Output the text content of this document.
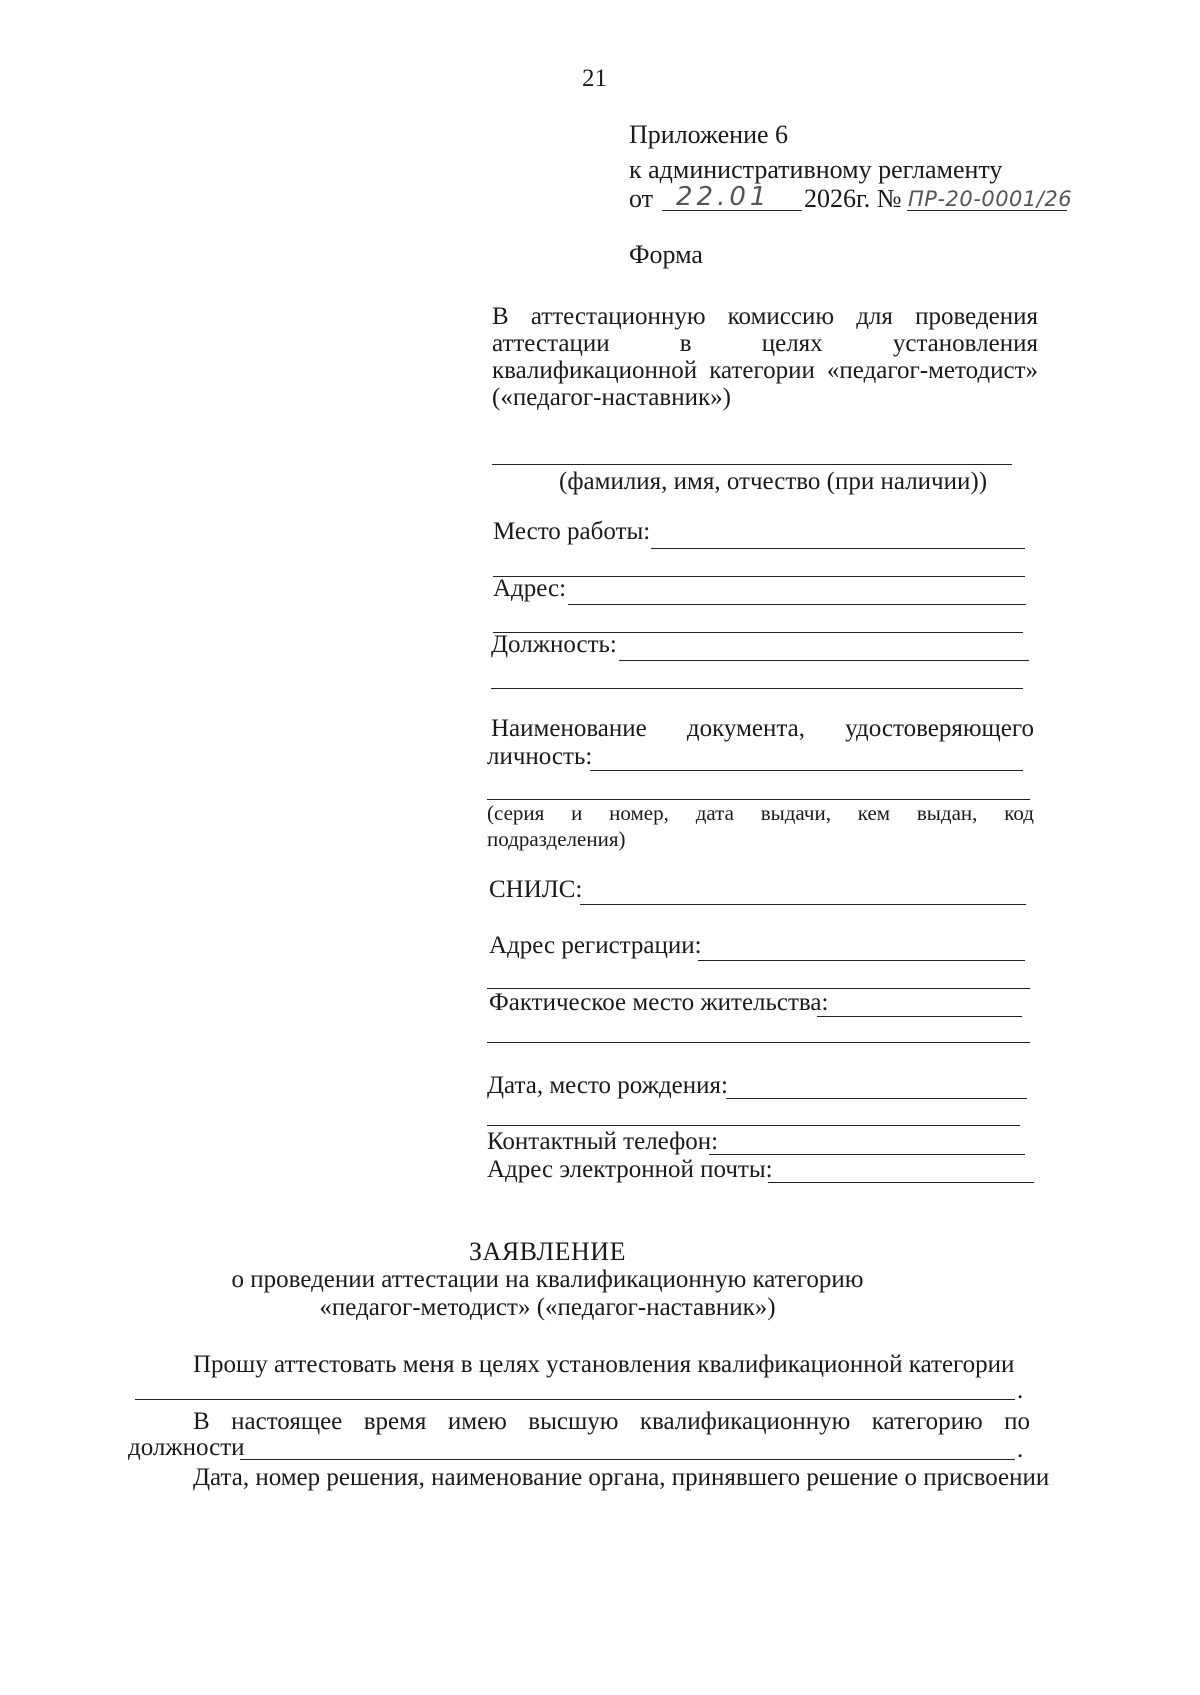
21
Приложение 6
к административному регламенту
от 22.01 2026г. № ПР-20-0001/26
Форма
В аттестационную комиссию для проведения
аттестации	в	целях	установления
квалификационной категории «педагог-методист»
(«педагог-наставник»)
(фамилия, имя, отчество (при наличии))
Место работы:
Адрес:
Должность:
Наименование документа, удостоверяющего
личность:
(серия и номер, дата выдачи, кем выдан, код
подразделения)
СНИЛС:
Адрес регистрации:
Фактическое место жительства:
Дата, место рождения:
Контактный телефон:
Адрес электронной почты:
ЗАЯВЛЕНИЕ
о проведении аттестации на квалификационную категорию
«педагог-методист» («педагог-наставник»)
Прошу аттестовать меня в целях установления квалификационной категории
.
В настоящее время имею высшую квалификационную категорию по
должности	.
Дата, номер решения, наименование органа, принявшего решение о присвоении
